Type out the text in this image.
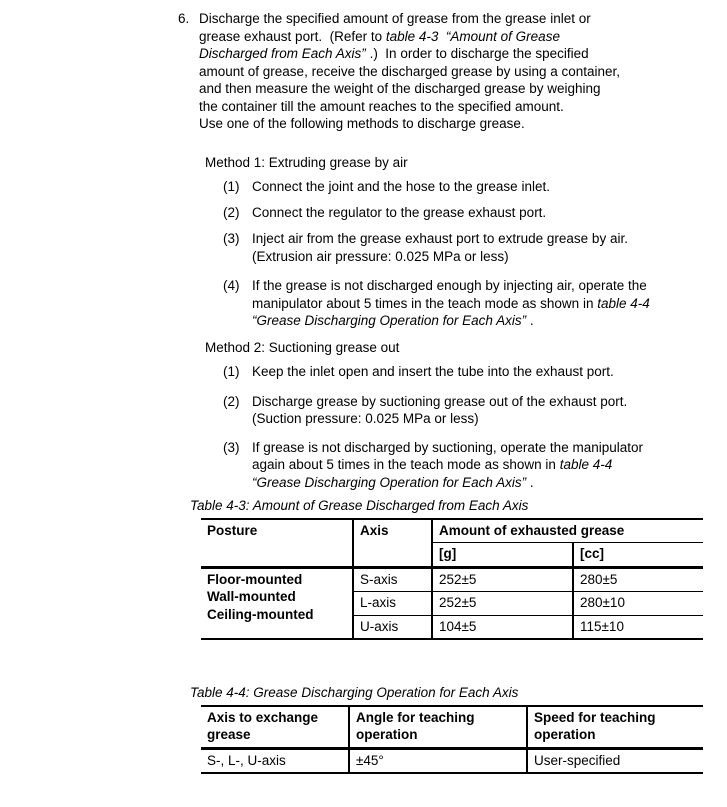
6. Discharge the specified amount of grease from the grease inlet or
grease exhaust port.  (Refer to table 4-3  “Amount of Grease
Discharged from Each Axis” .)  In order to discharge the specified
amount of grease, receive the discharged grease by using a container,
and then measure the weight of the discharged grease by weighing
the container till the amount reaches to the specified amount.
Use one of the following methods to discharge grease.
Method 1: Extruding grease by air
(1) Connect the joint and the hose to the grease inlet.
(2) Connect the regulator to the grease exhaust port.
(3) Inject air from the grease exhaust port to extrude grease by air.
(Extrusion air pressure: 0.025 MPa or less)
(4) If the grease is not discharged enough by injecting air, operate the
manipulator about 5 times in the teach mode as shown in table 4-4
“Grease Discharging Operation for Each Axis” .
Method 2: Suctioning grease out
(1) Keep the inlet open and insert the tube into the exhaust port.
(2) Discharge grease by suctioning grease out of the exhaust port.
(Suction pressure: 0.025 MPa or less)
(3) If grease is not discharged by suctioning, operate the manipulator
again about 5 times in the teach mode as shown in table 4-4
“Grease Discharging Operation for Each Axis” .
Table 4-3: Amount of Grease Discharged from Each Axis
Posture	Axis	Amount of exhausted grease	
		[g]	[cc]

Floor-mounted
Wall-mounted
Ceiling-mounted	S-axis	252±5	280±5
	L-axis	252±5	280±10
	U-axis	104±5	115±10
Table 4-4: Grease Discharging Operation for Each Axis
Axis to exchange grease	Angle for teaching operation	Speed for teaching operation
S-, L-, U-axis	±45°	User-specified
